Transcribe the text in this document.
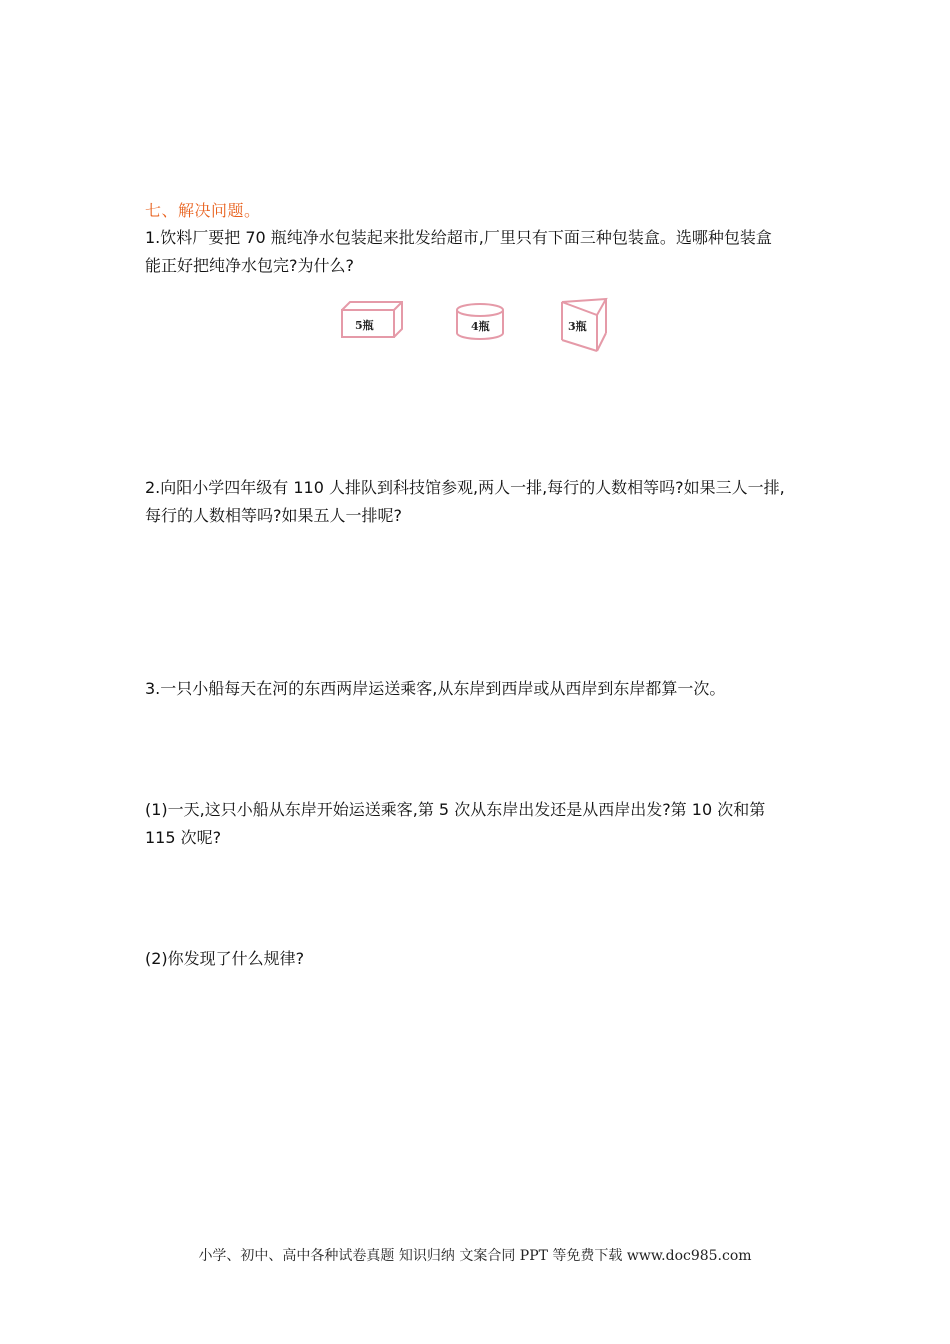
七、解决问题。

1.饮料厂要把 70 瓶纯净水包装起来批发给超市,厂里只有下面三种包装盒。选哪种包装盒
能正好把纯净水包完?为什么?

5瓶	4瓶	3瓶

2.向阳小学四年级有 110 人排队到科技馆参观,两人一排,每行的人数相等吗?如果三人一排,
每行的人数相等吗?如果五人一排呢?

3.一只小船每天在河的东西两岸运送乘客,从东岸到西岸或从西岸到东岸都算一次。

(1)一天,这只小船从东岸开始运送乘客,第 5 次从东岸出发还是从西岸出发?第 10 次和第
115 次呢?

(2)你发现了什么规律?

小学、初中、高中各种试卷真题 知识归纳 文案合同 PPT 等免费下载 www.doc985.com
